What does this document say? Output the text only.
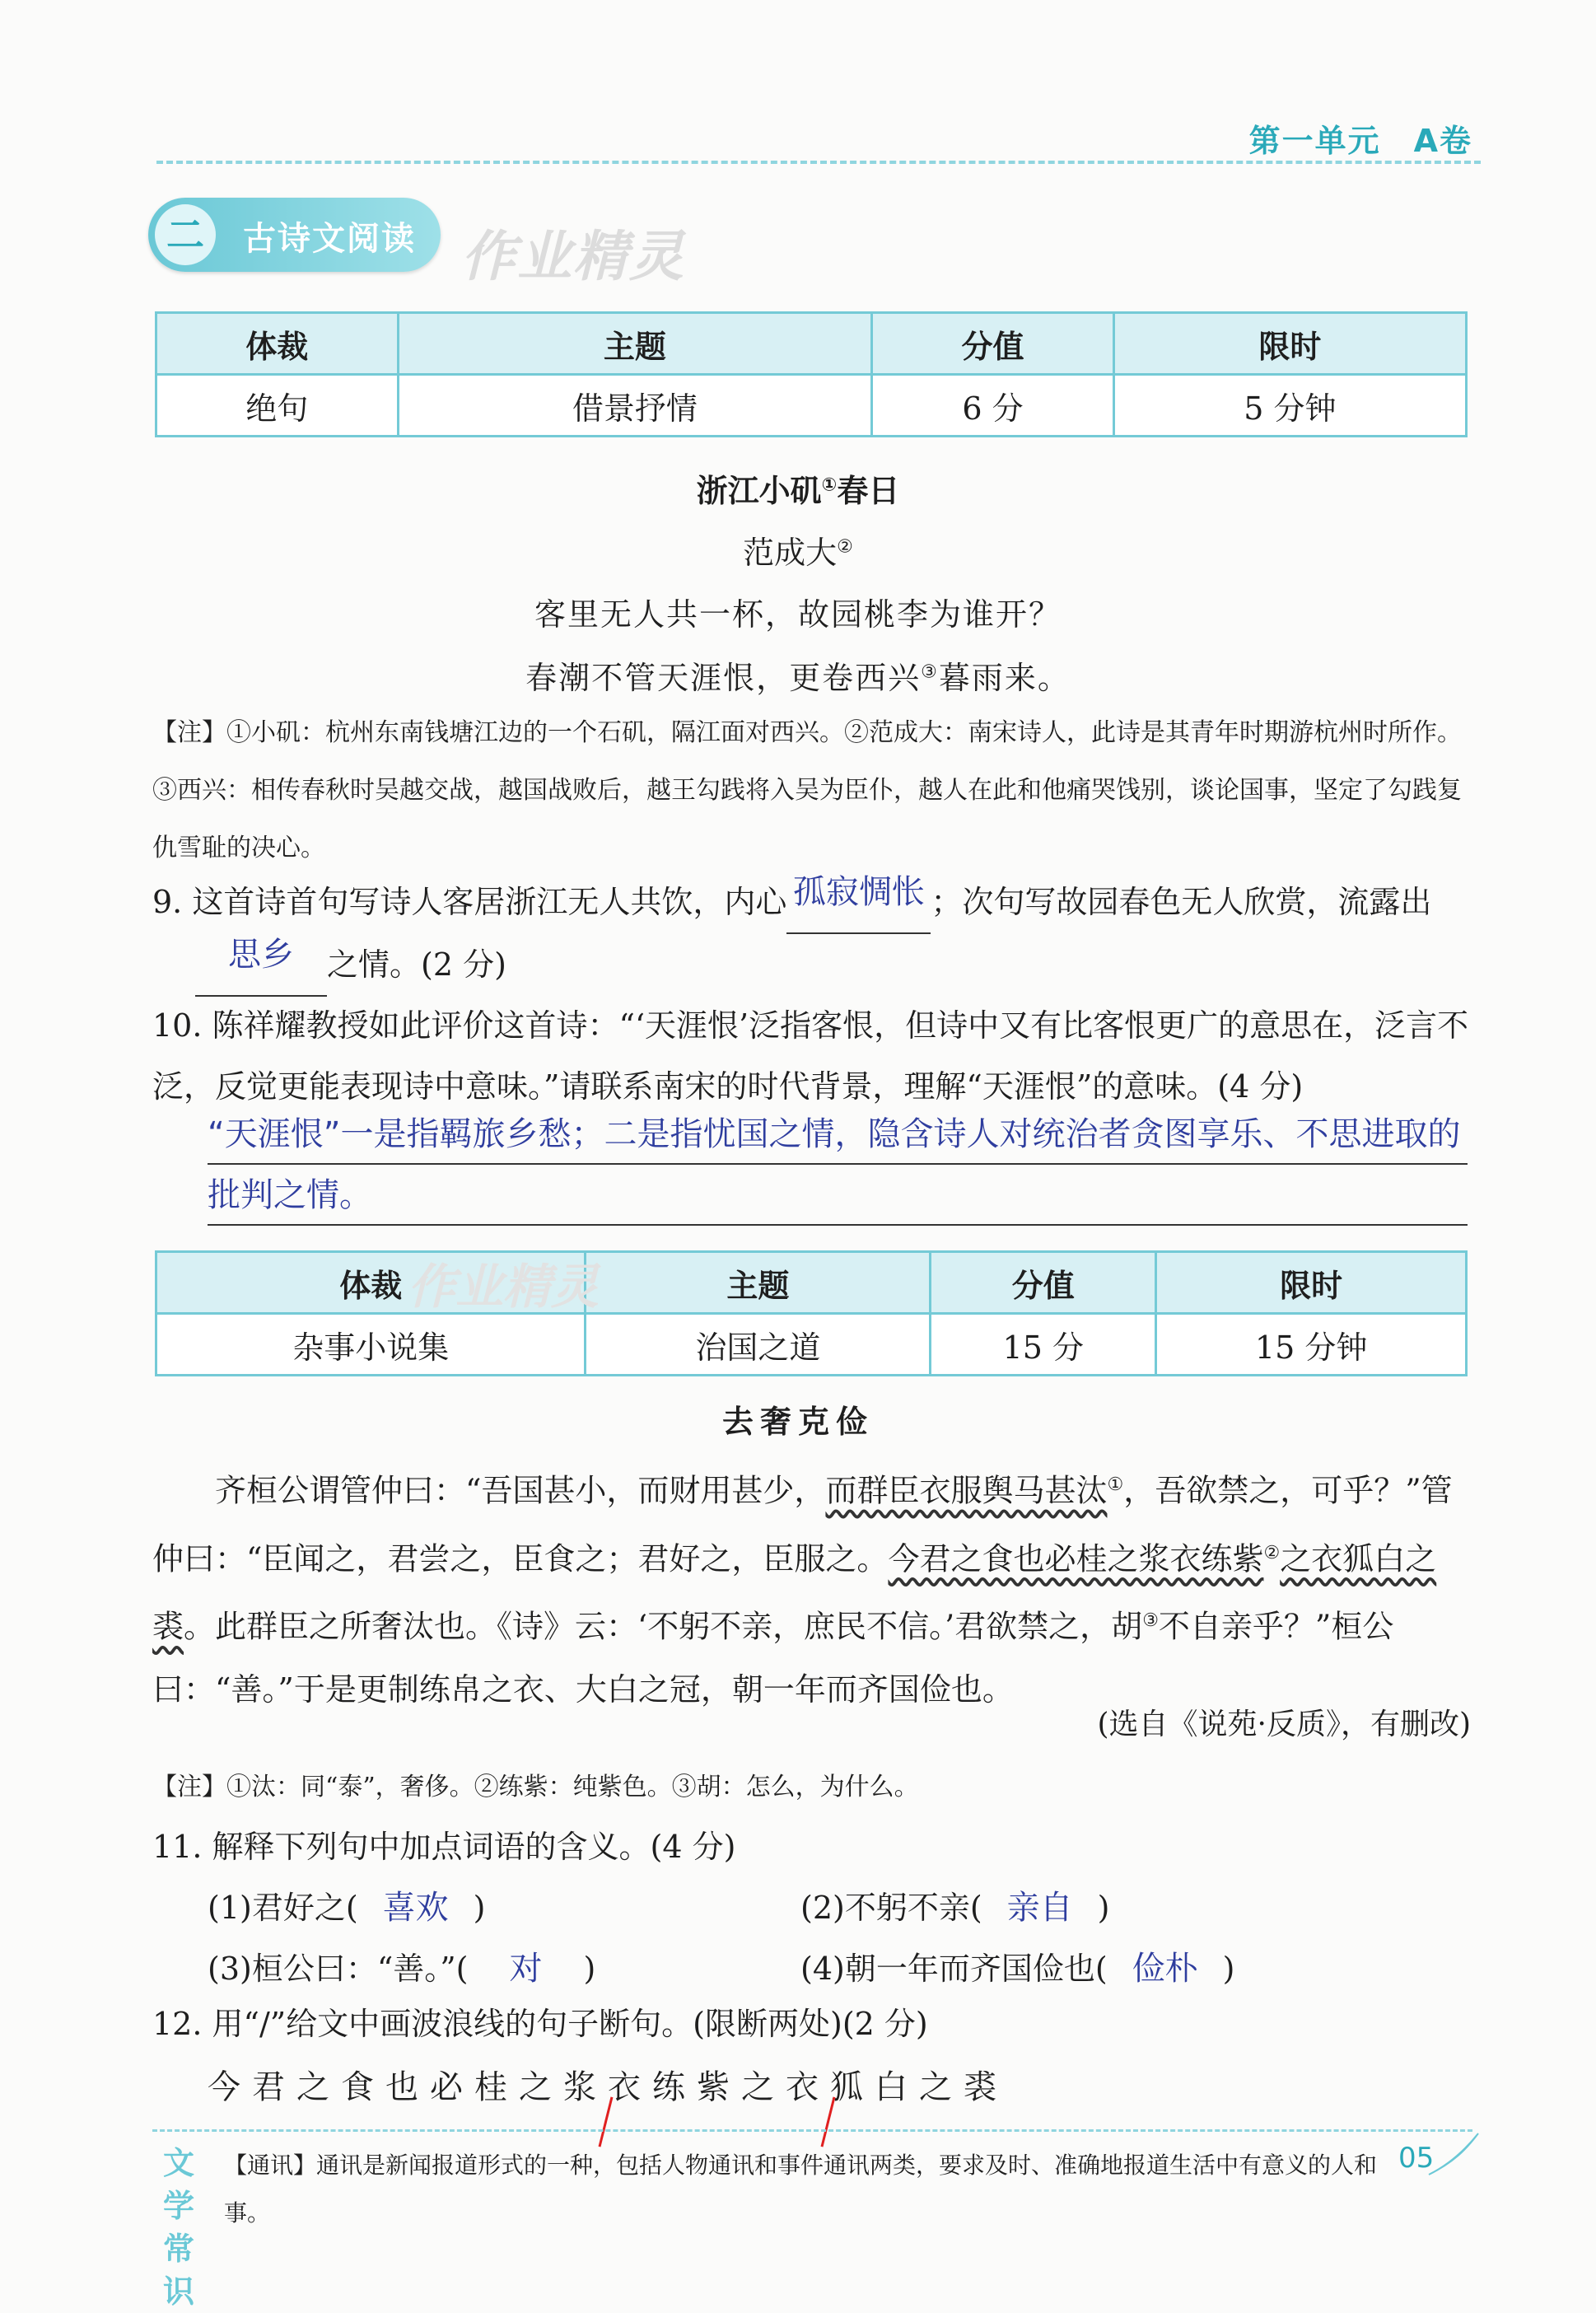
第一单元　A卷
二	古诗文阅读 作业精灵
体裁	主题	分值	限时
绝句	借景抒情	6 分	5 分钟
浙江小矶①春日
范成大②
客里无人共一杯，故园桃李为谁开？
春潮不管天涯恨，更卷西兴③暮雨来。
【注】①小矶：杭州东南钱塘江边的一个石矶，隔江面对西兴。②范成大：南宋诗人，此诗是其青年时期游杭州时所作。③西兴：相传春秋时吴越交战，越国战败后，越王勾践将入吴为臣仆，越人在此和他痛哭饯别，谈论国事，坚定了勾践复仇雪耻的决心。
9. 这首诗首句写诗人客居浙江无人共饮，内心 孤寂惆怅 ；次句写故园春色无人欣赏，流露出
思乡 之情。(2 分)
10. 陈祥耀教授如此评价这首诗：“‘天涯恨’泛指客恨，但诗中又有比客恨更广的意思在，泛言不泛，反觉更能表现诗中意味。”请联系南宋的时代背景，理解“天涯恨”的意味。(4 分)
“天涯恨”一是指羁旅乡愁；二是指忧国之情，隐含诗人对统治者贪图享乐、不思进取的批判之情。
体裁	主题	分值	限时
杂事小说集	治国之道	15 分	15 分钟
作业精灵
去奢克俭
齐桓公谓管仲曰：“吾国甚小，而财用甚少，而群臣衣服舆马甚汰①，吾欲禁之，可乎？”管仲曰：“臣闻之，君尝之，臣食之；君好之，臣服之。今君之食也必桂之浆衣练紫②之衣狐白之裘。此群臣之所奢汰也。《诗》云：‘不躬不亲，庶民不信。’君欲禁之，胡③不自亲乎？”桓公曰：“善。”于是更制练帛之衣、大白之冠，朝一年而齐国俭也。
(选自《说苑·反质》，有删改)
【注】①汰：同“泰”，奢侈。②练紫：纯紫色。③胡：怎么，为什么。
11. 解释下列句中加点词语的含义。(4 分)
(1)君好之( 喜欢 )	(2)不躬不亲( 亲自 )
(3)桓公曰：“善。”( 对 )	(4)朝一年而齐国俭也( 俭朴 )
12. 用“/”给文中画波浪线的句子断句。(限断两处)(2 分)
今君之食也必桂之浆衣练紫之衣狐白之裘
文学常识
【通讯】通讯是新闻报道形式的一种，包括人物通讯和事件通讯两类，要求及时、准确地报道生活中有意义的人和事。
05
